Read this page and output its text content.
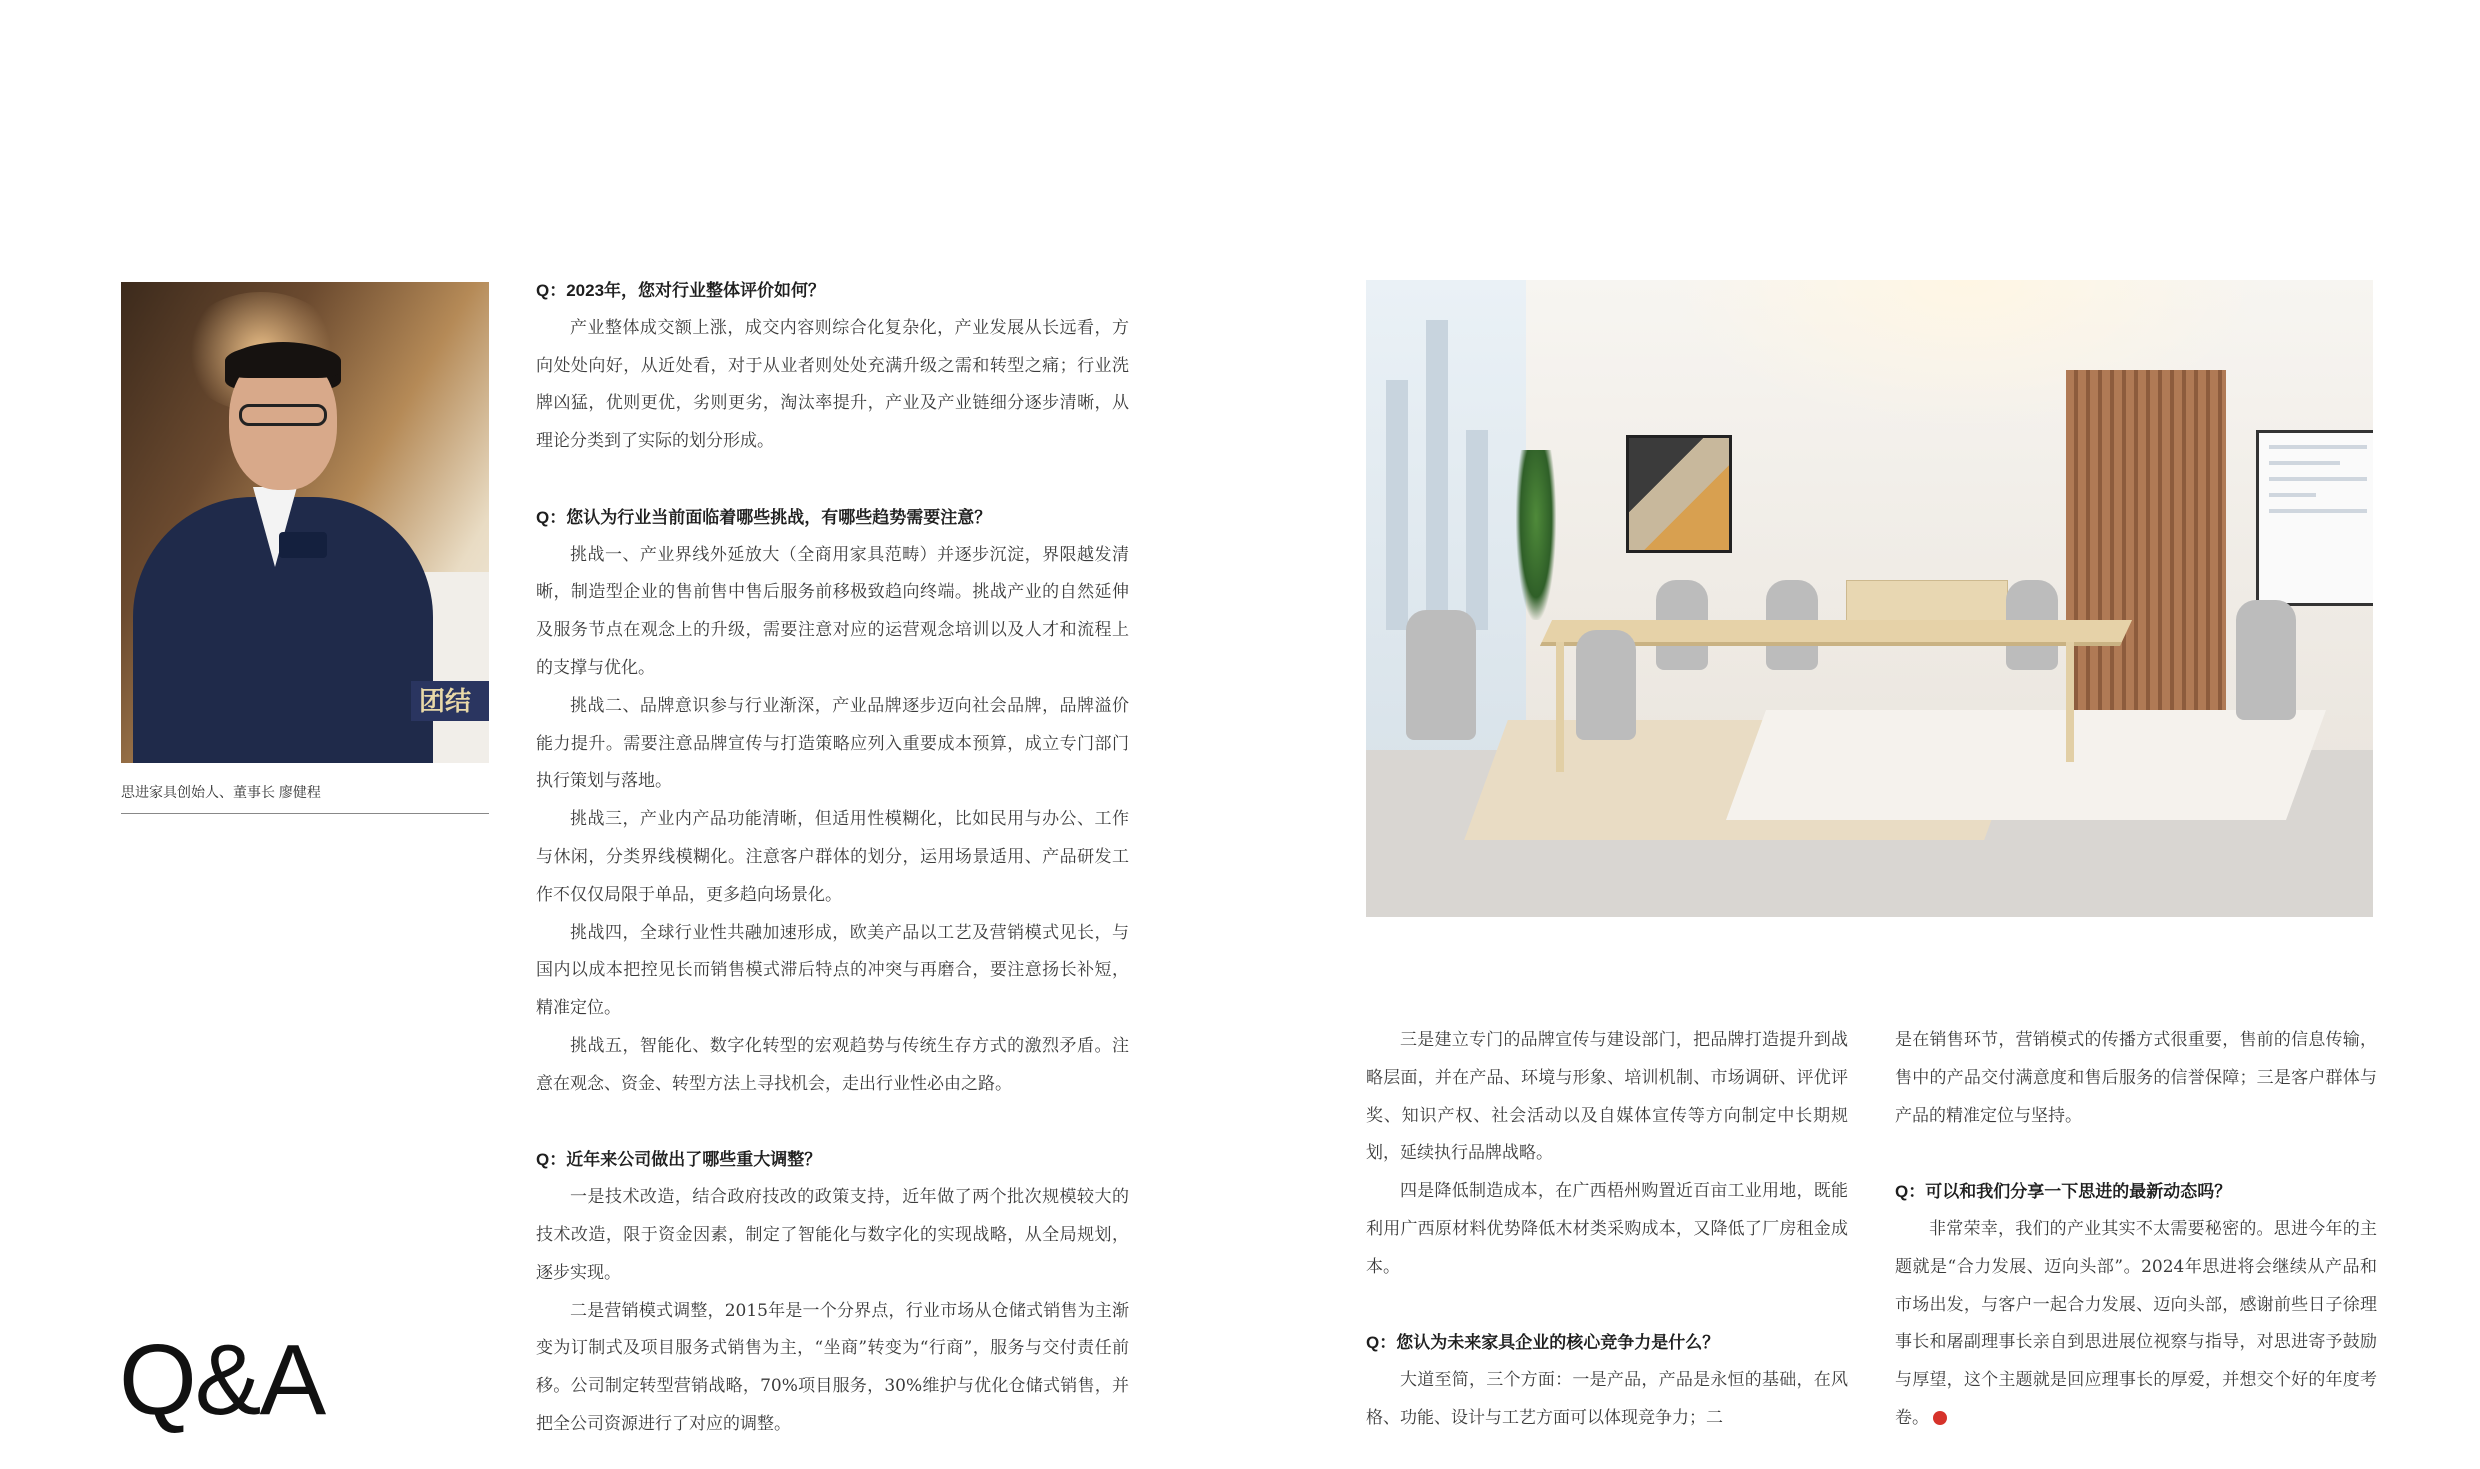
团结
思进家具创始人、董事长 廖健程
Q&A
Q：2023年，您对行业整体评价如何？

产业整体成交额上涨，成交内容则综合化复杂化，产业发展从长远看，方向处处向好，从近处看，对于从业者则处处充满升级之需和转型之痛；行业洗牌凶猛，优则更优，劣则更劣，淘汰率提升，产业及产业链细分逐步清晰，从理论分类到了实际的划分形成。

Q：您认为行业当前面临着哪些挑战，有哪些趋势需要注意？

挑战一、产业界线外延放大（全商用家具范畴）并逐步沉淀，界限越发清晰，制造型企业的售前售中售后服务前移极致趋向终端。挑战产业的自然延伸及服务节点在观念上的升级，需要注意对应的运营观念培训以及人才和流程上的支撑与优化。

挑战二、品牌意识参与行业渐深，产业品牌逐步迈向社会品牌，品牌溢价能力提升。需要注意品牌宣传与打造策略应列入重要成本预算，成立专门部门执行策划与落地。

挑战三，产业内产品功能清晰，但适用性模糊化，比如民用与办公、工作与休闲，分类界线模糊化。注意客户群体的划分，运用场景适用、产品研发工作不仅仅局限于单品，更多趋向场景化。

挑战四，全球行业性共融加速形成，欧美产品以工艺及营销模式见长，与国内以成本把控见长而销售模式滞后特点的冲突与再磨合，要注意扬长补短，精准定位。

挑战五，智能化、数字化转型的宏观趋势与传统生存方式的激烈矛盾。注意在观念、资金、转型方法上寻找机会，走出行业性必由之路。

Q：近年来公司做出了哪些重大调整？

一是技术改造，结合政府技改的政策支持，近年做了两个批次规模较大的技术改造，限于资金因素，制定了智能化与数字化的实现战略，从全局规划，逐步实现。

二是营销模式调整，2015年是一个分界点，行业市场从仓储式销售为主渐变为订制式及项目服务式销售为主，“坐商”转变为“行商”，服务与交付责任前移。公司制定转型营销战略，70%项目服务，30%维护与优化仓储式销售，并把全公司资源进行了对应的调整。

三是建立专门的品牌宣传与建设部门，把品牌打造提升到战略层面，并在产品、环境与形象、培训机制、市场调研、评优评奖、知识产权、社会活动以及自媒体宣传等方向制定中长期规划，延续执行品牌战略。

四是降低制造成本，在广西梧州购置近百亩工业用地，既能利用广西原材料优势降低木材类采购成本，又降低了厂房租金成本。

Q：您认为未来家具企业的核心竞争力是什么？

大道至简，三个方面：一是产品，产品是永恒的基础，在风格、功能、设计与工艺方面可以体现竞争力；二

是在销售环节，营销模式的传播方式很重要，售前的信息传输，售中的产品交付满意度和售后服务的信誉保障；三是客户群体与产品的精准定位与坚持。

Q：可以和我们分享一下思进的最新动态吗？

非常荣幸，我们的产业其实不太需要秘密的。思进今年的主题就是“合力发展、迈向头部”。2024年思进将会继续从产品和市场出发，与客户一起合力发展、迈向头部，感谢前些日子徐理事长和屠副理事长亲自到思进展位视察与指导，对思进寄予鼓励与厚望，这个主题就是回应理事长的厚爱，并想交个好的年度考卷。	C
